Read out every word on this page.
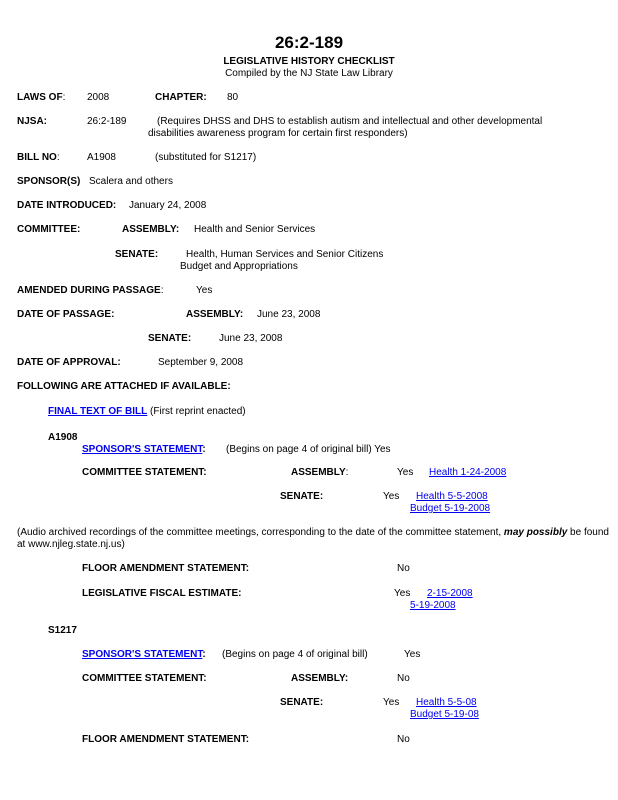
26:2-189
LEGISLATIVE HISTORY CHECKLIST
Compiled by the NJ State Law Library
LAWS OF: 2008	CHAPTER: 80
NJSA:	26:2-189	(Requires DHSS and DHS to establish autism and intellectual and other developmental
disabilities awareness program for certain first responders)
BILL NO:	A1908	(substituted for S1217)
SPONSOR(S) Scalera and others
DATE INTRODUCED: January 24, 2008
COMMITTEE:	ASSEMBLY: Health and Senior Services
SENATE:	Health, Human Services and Senior Citizens
Budget and Appropriations
AMENDED DURING PASSAGE:	Yes
DATE OF PASSAGE:	ASSEMBLY: June 23, 2008
SENATE:	June 23, 2008
DATE OF APPROVAL:	September 9, 2008
FOLLOWING ARE ATTACHED IF AVAILABLE:
FINAL TEXT OF BILL (First reprint enacted)
A1908
SPONSOR'S STATEMENT: (Begins on page 4 of original bill) Yes
COMMITTEE STATEMENT:	ASSEMBLY:	Yes Health 1-24-2008
SENATE:	Yes Health 5-5-2008
Budget 5-19-2008
(Audio archived recordings of the committee meetings, corresponding to the date of the committee statement, may possibly be found
at www.njleg.state.nj.us)
FLOOR AMENDMENT STATEMENT:	No
LEGISLATIVE FISCAL ESTIMATE:	Yes 2-15-2008
5-19-2008
S1217
SPONSOR'S STATEMENT: (Begins on page 4 of original bill)	Yes
COMMITTEE STATEMENT:	ASSEMBLY:	No
SENATE:	Yes Health 5-5-08
Budget 5-19-08
FLOOR AMENDMENT STATEMENT:	No
